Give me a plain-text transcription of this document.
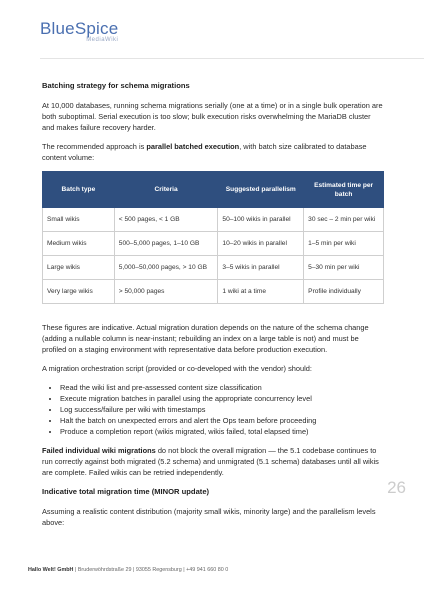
BlueSpice
MediaWiki
Batching strategy for schema migrations

At 10,000 databases, running schema migrations serially (one at a time) or in a single bulk operation are both suboptimal. Serial execution is too slow; bulk execution risks overwhelming the MariaDB cluster and makes failure recovery harder.

The recommended approach is parallel batched execution, with batch size calibrated to database content volume:

Batch type	Criteria	Suggested parallelism	Estimated time per batch
Small wikis	< 500 pages, < 1 GB	50–100 wikis in parallel	30 sec – 2 min per wiki
Medium wikis	500–5,000 pages, 1–10 GB	10–20 wikis in parallel	1–5 min per wiki
Large wikis	5,000–50,000 pages, > 10 GB	3–5 wikis in parallel	5–30 min per wiki
Very large wikis	> 50,000 pages	1 wiki at a time	Profile individually

These figures are indicative. Actual migration duration depends on the nature of the schema change (adding a nullable column is near-instant; rebuilding an index on a large table is not) and must be profiled on a staging environment with representative data before production execution.

A migration orchestration script (provided or co-developed with the vendor) should:

• Read the wiki list and pre-assessed content size classification
• Execute migration batches in parallel using the appropriate concurrency level
• Log success/failure per wiki with timestamps
• Halt the batch on unexpected errors and alert the Ops team before proceeding
• Produce a completion report (wikis migrated, wikis failed, total elapsed time)

Failed individual wiki migrations do not block the overall migration — the 5.1 codebase continues to run correctly against both migrated (5.2 schema) and unmigrated (5.1 schema) databases until all wikis are complete. Failed wikis can be retried independently.

Indicative total migration time (MINOR update)

Assuming a realistic content distribution (majority small wikis, minority large) and the parallelism levels above:

26
Hallo Welt! GmbH | Bruderwöhrdstraße 29 | 93055 Regensburg | +49 941 660 80 0
